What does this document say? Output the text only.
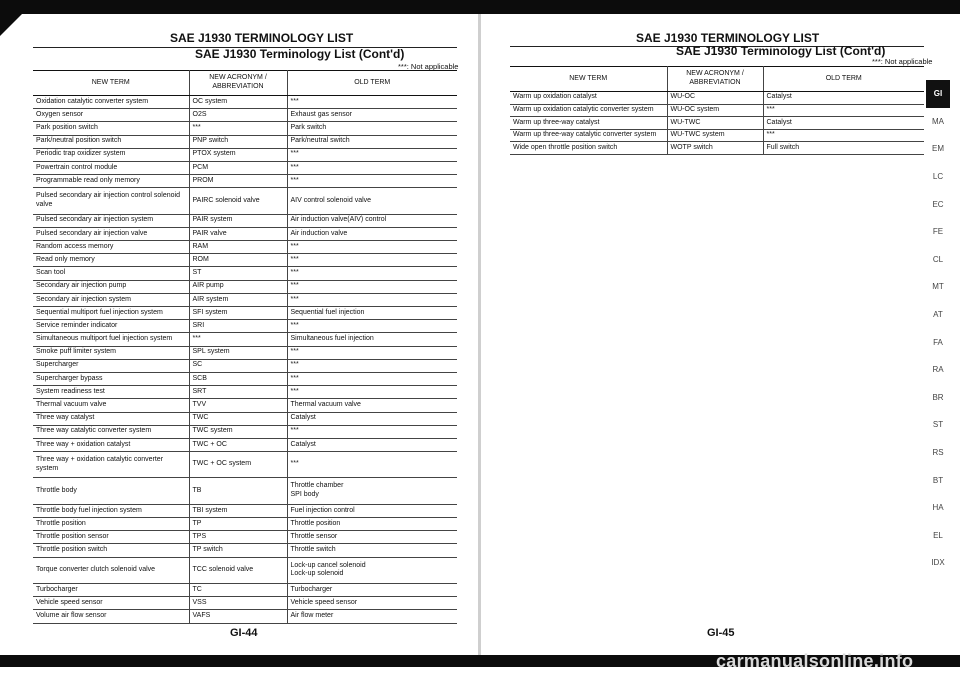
SAE J1930 TERMINOLOGY LIST
SAE J1930 Terminology List (Cont'd)
***: Not applicable
NEW TERM	NEW ACRONYM / ABBREVIATION	OLD TERM
Oxidation catalytic converter system	OC system	***
Oxygen sensor	O2S	Exhaust gas sensor
Park position switch	***	Park switch
Park/neutral position switch	PNP switch	Park/neutral switch
Periodic trap oxidizer system	PTOX system	***
Powertrain control module	PCM	***
Programmable read only memory	PROM	***
Pulsed secondary air injection control solenoid valve	PAIRC solenoid valve	AIV control solenoid valve
Pulsed secondary air injection system	PAIR system	Air induction valve(AIV) control
Pulsed secondary air injection valve	PAIR valve	Air induction valve
Random access memory	RAM	***
Read only memory	ROM	***
Scan tool	ST	***
Secondary air injection pump	AIR pump	***
Secondary air injection system	AIR system	***
Sequential multiport fuel injection system	SFI system	Sequential fuel injection
Service reminder indicator	SRI	***
Simultaneous multiport fuel injection system	***	Simultaneous fuel injection
Smoke puff limiter system	SPL system	***
Supercharger	SC	***
Supercharger bypass	SCB	***
System readiness test	SRT	***
Thermal vacuum valve	TVV	Thermal vacuum valve
Three way catalyst	TWC	Catalyst
Three way catalytic converter system	TWC system	***
Three way + oxidation catalyst	TWC + OC	Catalyst
Three way + oxidation catalytic converter system	TWC + OC system	***
Throttle body	TB	Throttle chamber
SPI body
Throttle body fuel injection system	TBI system	Fuel injection control
Throttle position	TP	Throttle position
Throttle position sensor	TPS	Throttle sensor
Throttle position switch	TP switch	Throttle switch
Torque converter clutch solenoid valve	TCC solenoid valve	Lock-up cancel solenoid
Lock-up solenoid
Turbocharger	TC	Turbocharger
Vehicle speed sensor	VSS	Vehicle speed sensor
Volume air flow sensor	VAFS	Air flow meter
GI-44
SAE J1930 TERMINOLOGY LIST
SAE J1930 Terminology List (Cont'd)
***: Not applicable
NEW TERM	NEW ACRONYM / ABBREVIATION	OLD TERM
Warm up oxidation catalyst	WU-OC	Catalyst
Warm up oxidation catalytic converter system	WU-OC system	***
Warm up three-way catalyst	WU-TWC	Catalyst
Warm up three-way catalytic converter system	WU-TWC system	***
Wide open throttle position switch	WOTP switch	Full switch
GI-45
GI
MA
EM
LC
EC
FE
CL
MT
AT
FA
RA
BR
ST
RS
BT
HA
EL
IDX
carmanualsonline.info
